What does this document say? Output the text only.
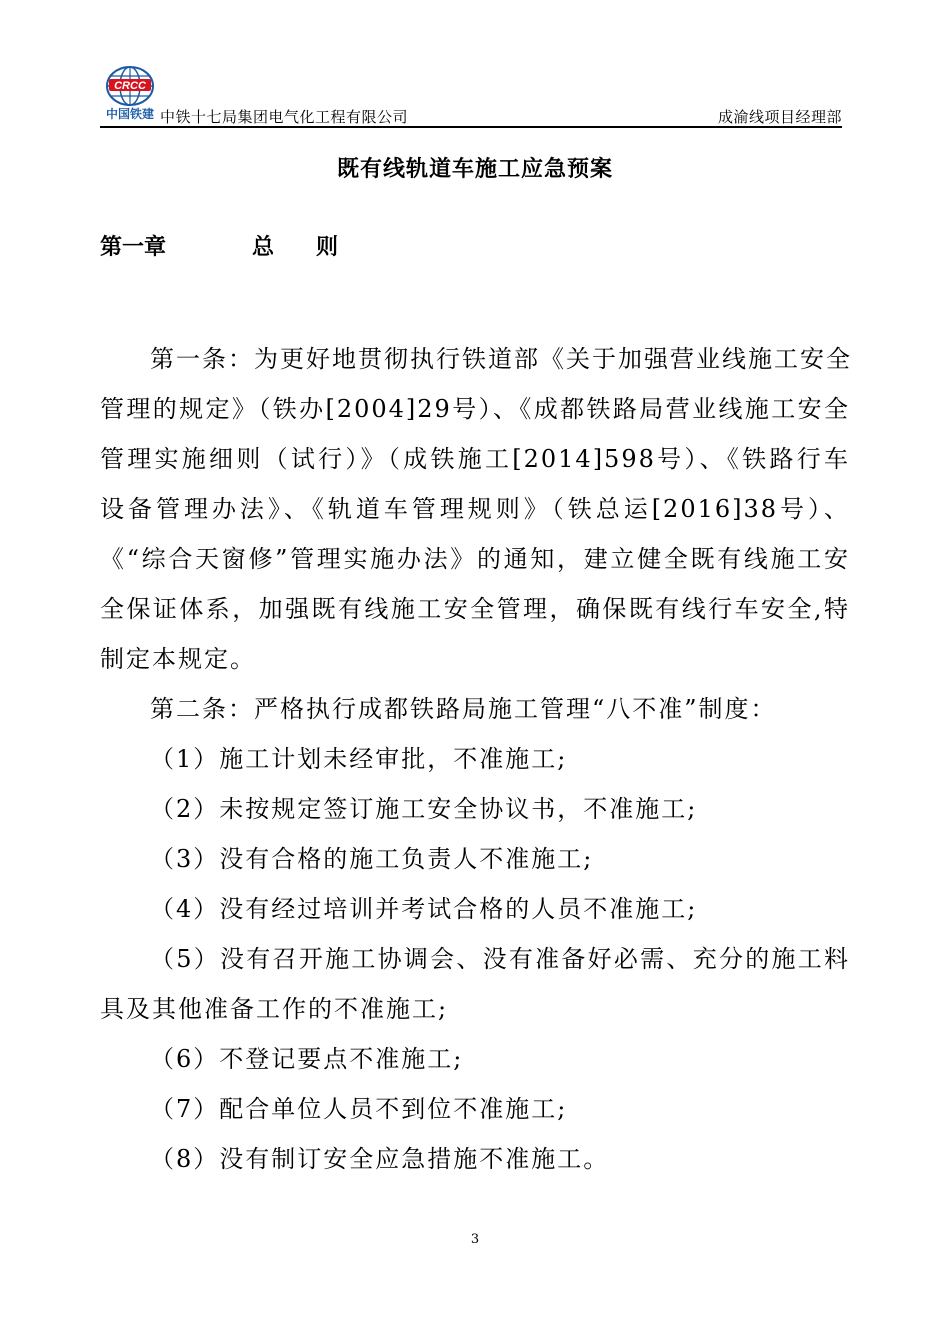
CRCC
中国铁建 中铁十七局集团电气化工程有限公司	成渝线项目经理部
既有线轨道车施工应急预案
第一章	总则
第一条：为更好地贯彻执行铁道部《关于加强营业线施工安全
管理的规定》（铁办[2004]29号）、《成都铁路局营业线施工安全
管理实施细则（试行）》（成铁施工[2014]598号）、《铁路行车
设备管理办法》、《轨道车管理规则》（铁总运[2016]38号）、
《“综合天窗修”管理实施办法》的通知，建立健全既有线施工安
全保证体系，加强既有线施工安全管理，确保既有线行车安全,特
制定本规定。
第二条：严格执行成都铁路局施工管理“八不准”制度：
（1）施工计划未经审批，不准施工;
（2）未按规定签订施工安全协议书，不准施工;
（3）没有合格的施工负责人不准施工;
（4）没有经过培训并考试合格的人员不准施工;
（5）没有召开施工协调会、没有准备好必需、充分的施工料
具及其他准备工作的不准施工;
（6）不登记要点不准施工;
（7）配合单位人员不到位不准施工;
（8）没有制订安全应急措施不准施工。
3
